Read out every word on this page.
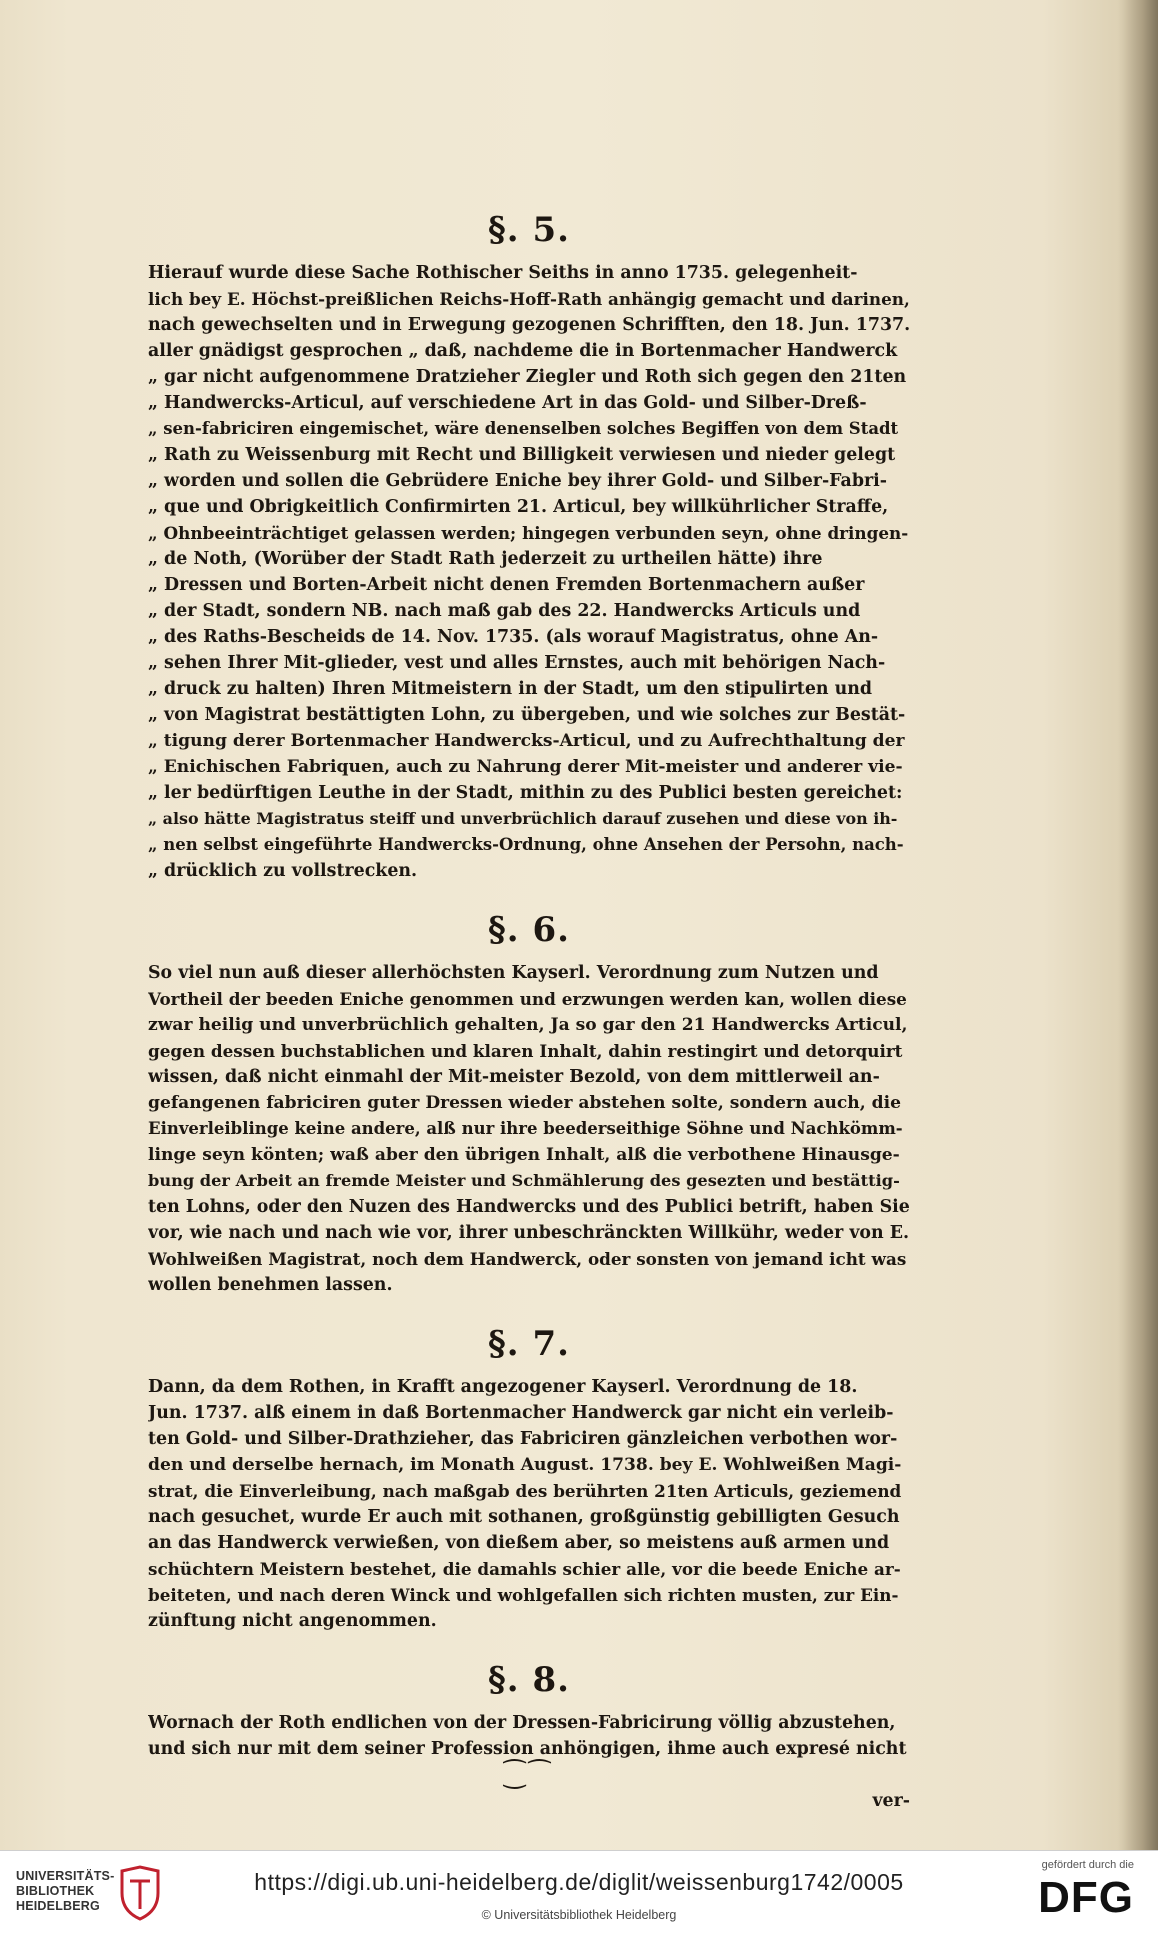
§. 5.
Hierauf wurde diese Sache Rothischer Seiths in anno 1735. gelegenheit-
lich bey E. Höchst-preißlichen Reichs-Hoff-Rath anhängig gemacht und darinen,
nach gewechselten und in Erwegung gezogenen Schrifften, den 18. Jun. 1737.
aller gnädigst gesprochen „ daß, nachdeme die in Bortenmacher Handwerck
„ gar nicht aufgenommene Dratzieher Ziegler und Roth sich gegen den 21ten
„ Handwercks-Articul, auf verschiedene Art in das Gold- und Silber-Dreß-
„ sen-fabriciren eingemischet, wäre denenselben solches Begiffen von dem Stadt
„ Rath zu Weissenburg mit Recht und Billigkeit verwiesen und nieder gelegt
„ worden und sollen die Gebrüdere Eniche bey ihrer Gold- und Silber-Fabri-
„ que und Obrigkeitlich Confirmirten 21. Articul, bey willkührlicher Straffe,
„ Ohnbeeinträchtiget gelassen werden; hingegen verbunden seyn, ohne dringen-
„ de Noth, (Worüber der Stadt Rath jederzeit zu urtheilen hätte) ihre
„ Dressen und Borten-Arbeit nicht denen Fremden Bortenmachern außer
„ der Stadt, sondern NB. nach maß gab des 22. Handwercks Articuls und
„ des Raths-Bescheids de 14. Nov. 1735. (als worauf Magistratus, ohne An-
„ sehen Ihrer Mit-glieder, vest und alles Ernstes, auch mit behörigen Nach-
„ druck zu halten) Ihren Mitmeistern in der Stadt, um den stipulirten und
„ von Magistrat bestättigten Lohn, zu übergeben, und wie solches zur Bestät-
„ tigung derer Bortenmacher Handwercks-Articul, und zu Aufrechthaltung der
„ Enichischen Fabriquen, auch zu Nahrung derer Mit-meister und anderer vie-
„ ler bedürftigen Leuthe in der Stadt, mithin zu des Publici besten gereichet:
„ also hätte Magistratus steiff und unverbrüchlich darauf zusehen und diese von ih-
„ nen selbst eingeführte Handwercks-Ordnung, ohne Ansehen der Persohn, nach-
„ drücklich zu vollstrecken.
§. 6.
So viel nun auß dieser allerhöchsten Kayserl. Verordnung zum Nutzen und
Vortheil der beeden Eniche genommen und erzwungen werden kan, wollen diese
zwar heilig und unverbrüchlich gehalten, Ja so gar den 21 Handwercks Articul,
gegen dessen buchstablichen und klaren Inhalt, dahin restingirt und detorquirt
wissen, daß nicht einmahl der Mit-meister Bezold, von dem mittlerweil an-
gefangenen fabriciren guter Dressen wieder abstehen solte, sondern auch, die
Einverleiblinge keine andere, alß nur ihre beederseithige Söhne und Nachkömm-
linge seyn könten; waß aber den übrigen Inhalt, alß die verbothene Hinausge-
bung der Arbeit an fremde Meister und Schmählerung des gesezten und bestättig-
ten Lohns, oder den Nuzen des Handwercks und des Publici betrift, haben Sie
vor, wie nach und nach wie vor, ihrer unbeschränckten Willkühr, weder von E.
Wohlweißen Magistrat, noch dem Handwerck, oder sonsten von jemand icht was
wollen benehmen lassen.
§. 7.
Dann, da dem Rothen, in Krafft angezogener Kayserl. Verordnung de 18.
Jun. 1737. alß einem in daß Bortenmacher Handwerck gar nicht ein verleib-
ten Gold- und Silber-Drathzieher, das Fabriciren gänzleichen verbothen wor-
den und derselbe hernach, im Monath August. 1738. bey E. Wohlweißen Magi-
strat, die Einverleibung, nach maßgab des berührten 21ten Articuls, geziemend
nach gesuchet, wurde Er auch mit sothanen, großgünstig gebilligten Gesuch
an das Handwerck verwießen, von dießem aber, so meistens auß armen und
schüchtern Meistern bestehet, die damahls schier alle, vor die beede Eniche ar-
beiteten, und nach deren Winck und wohlgefallen sich richten musten, zur Ein-
zünftung nicht angenommen.
§. 8.
Wornach der Roth endlichen von der Dressen-Fabricirung völlig abzustehen,
und sich nur mit dem seiner Profession anhöngigen, ihme auch expresé nicht
⁐⁀
ver-
UNIVERSITÄTS-
BIBLIOTHEK
HEIDELBERG
https://digi.ub.uni-heidelberg.de/diglit/weissenburg1742/0005
© Universitätsbibliothek Heidelberg
gefördert durch die
DFG
